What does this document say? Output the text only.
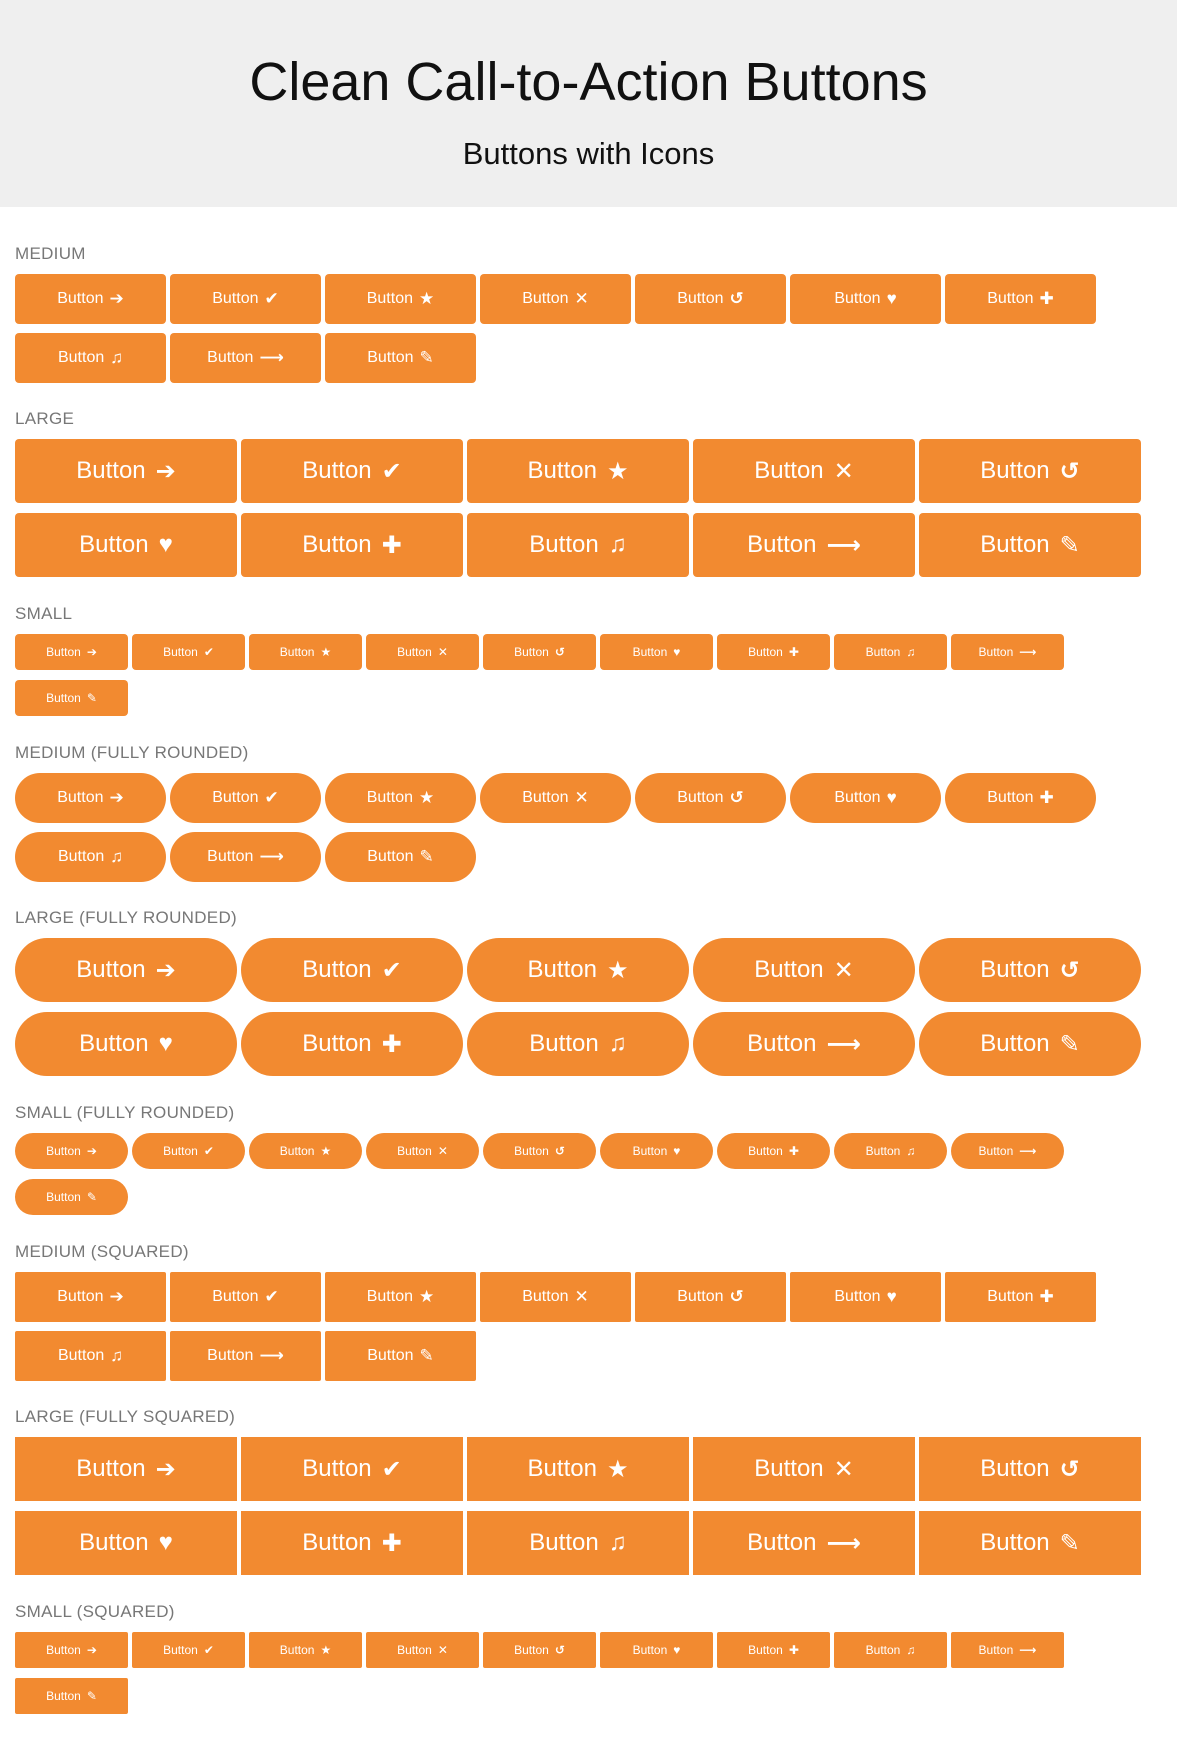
Clean Call-to-Action Buttons
Buttons with Icons
MEDIUM
Button ➔	Button ✔	Button ★	Button ✕	Button ↺	Button ♥	Button ✚
Button ♫	Button ⟶	Button ✎
LARGE
Button ➔	Button ✔	Button ★	Button ✕	Button ↺
Button ♥	Button ✚	Button ♫	Button ⟶	Button ✎
SMALL
Button ➔	Button ✔	Button ★	Button ✕	Button ↺	Button ♥	Button ✚	Button ♫	Button ⟶
Button ✎
MEDIUM (FULLY ROUNDED)
Button ➔	Button ✔	Button ★	Button ✕	Button ↺	Button ♥	Button ✚
Button ♫	Button ⟶	Button ✎
LARGE (FULLY ROUNDED)
Button ➔	Button ✔	Button ★	Button ✕	Button ↺
Button ♥	Button ✚	Button ♫	Button ⟶	Button ✎
SMALL (FULLY ROUNDED)
Button ➔	Button ✔	Button ★	Button ✕	Button ↺	Button ♥	Button ✚	Button ♫	Button ⟶
Button ✎
MEDIUM (SQUARED)
Button ➔	Button ✔	Button ★	Button ✕	Button ↺	Button ♥	Button ✚
Button ♫	Button ⟶	Button ✎
LARGE (FULLY SQUARED)
Button ➔	Button ✔	Button ★	Button ✕	Button ↺
Button ♥	Button ✚	Button ♫	Button ⟶	Button ✎
SMALL (SQUARED)
Button ➔	Button ✔	Button ★	Button ✕	Button ↺	Button ♥	Button ✚	Button ♫	Button ⟶
Button ✎
